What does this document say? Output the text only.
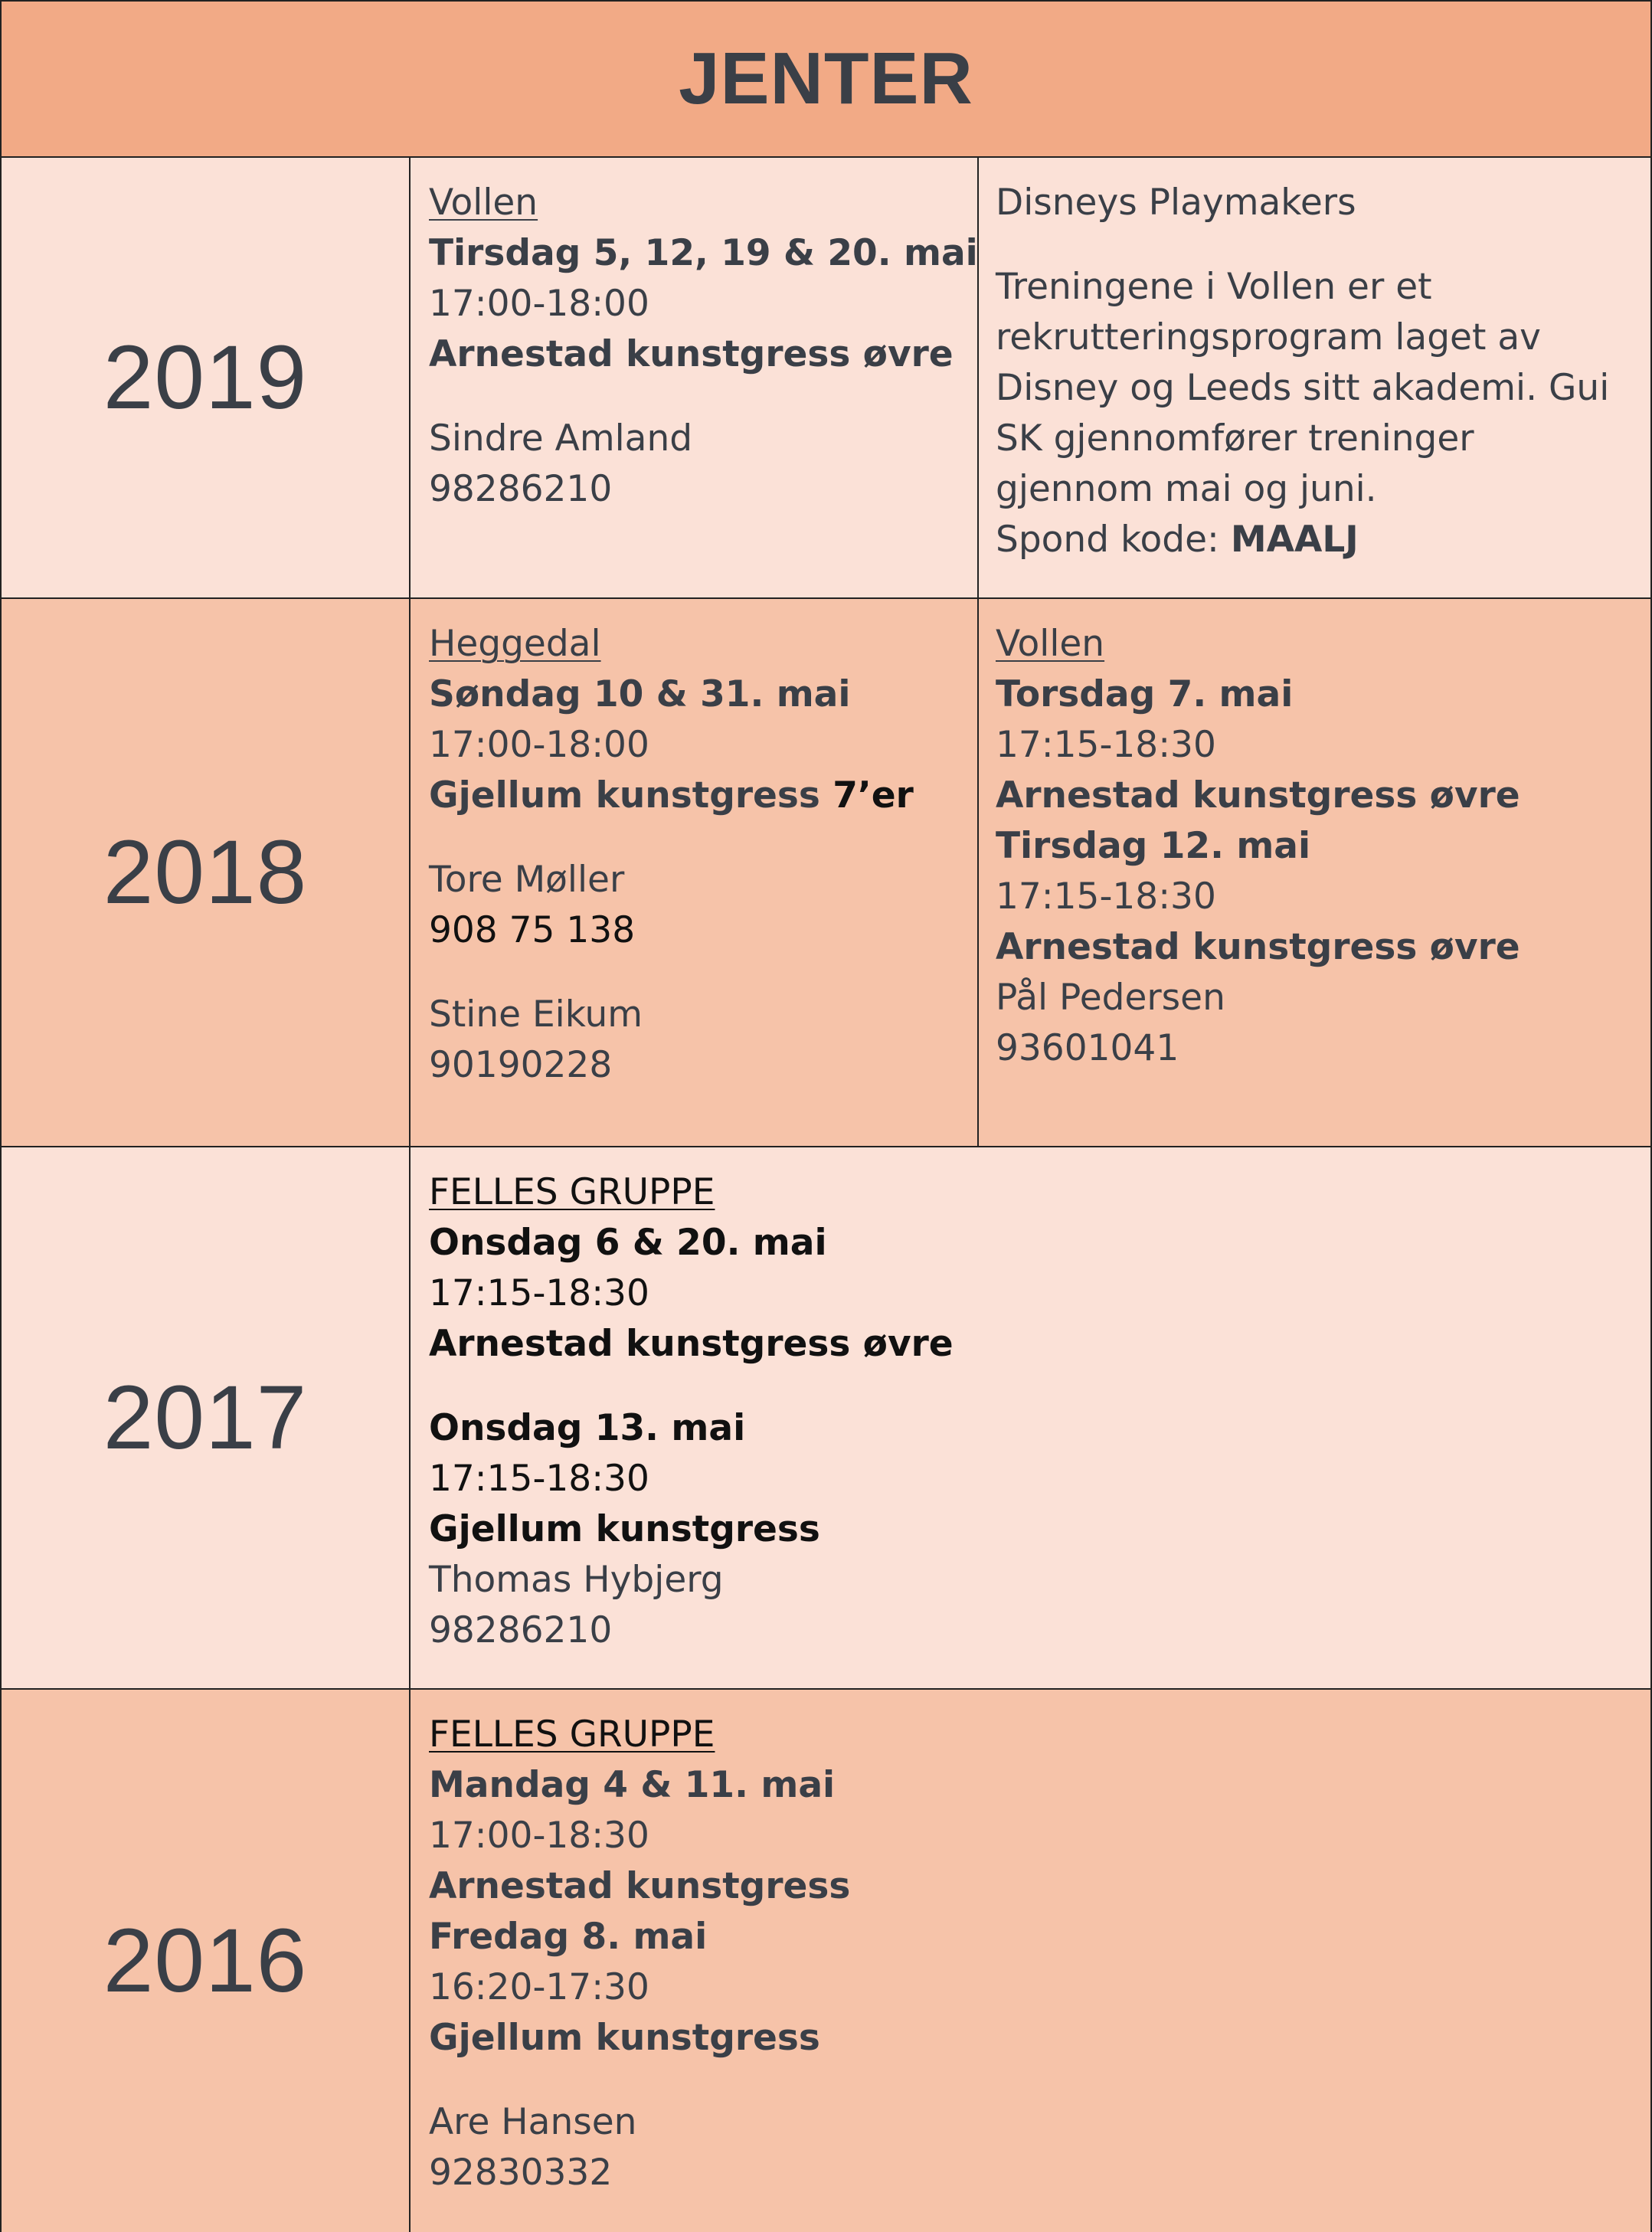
JENTER
2019
Vollen
Tirsdag 5, 12, 19 & 20. mai
17:00-18:00
Arnestad kunstgress øvre
Sindre Amland
98286210
Disneys Playmakers
Treningene i Vollen er et rekrutteringsprogram laget av Disney og Leeds sitt akademi. Gui SK gjennomfører treninger gjennom mai og juni.
Spond kode: MAALJ
2018
Heggedal
Søndag 10 & 31. mai
17:00-18:00
Gjellum kunstgress 7’er
Tore Møller
908 75 138
Stine Eikum
90190228
Vollen
Torsdag 7. mai
17:15-18:30
Arnestad kunstgress øvre
Tirsdag 12. mai
17:15-18:30
Arnestad kunstgress øvre
Pål Pedersen
93601041
2017
FELLES GRUPPE
Onsdag 6 & 20. mai
17:15-18:30
Arnestad kunstgress øvre
Onsdag 13. mai
17:15-18:30
Gjellum kunstgress
Thomas Hybjerg
98286210
2016
FELLES GRUPPE
Mandag 4 & 11. mai
17:00-18:30
Arnestad kunstgress
Fredag 8. mai
16:20-17:30
Gjellum kunstgress
Are Hansen
92830332
